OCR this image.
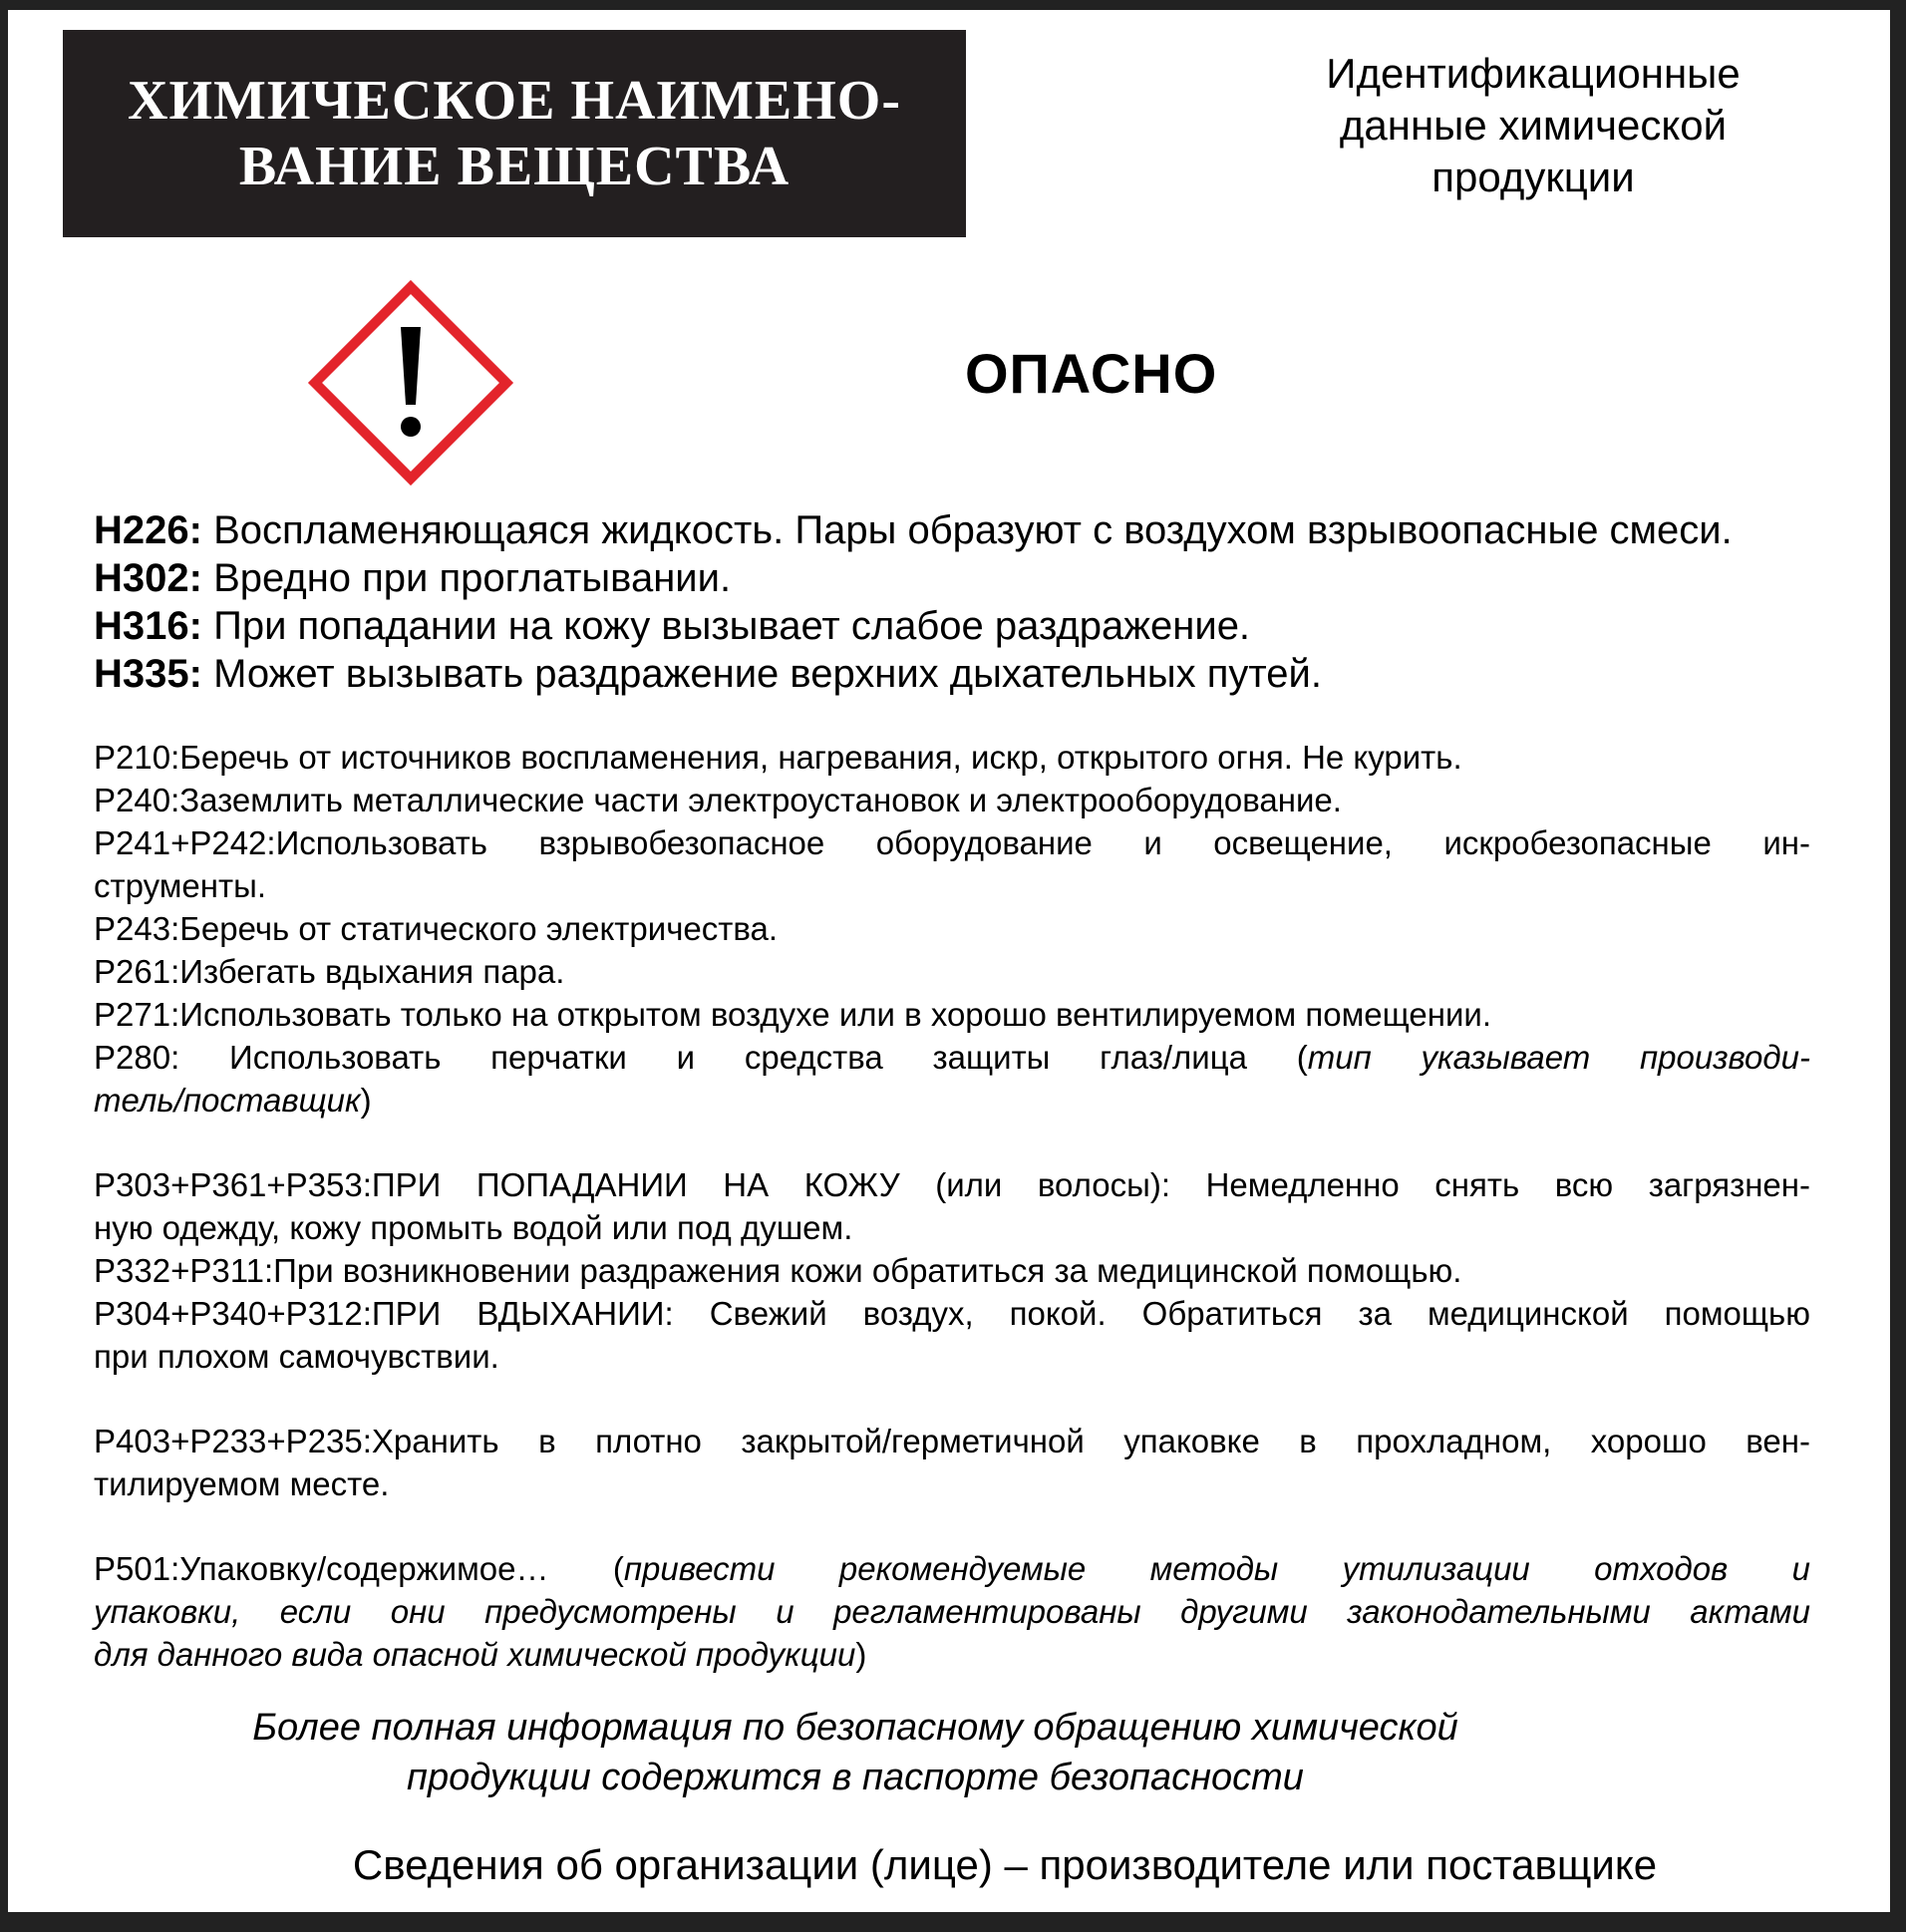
ХИМИЧЕСКОЕ НАИМЕНО-
ВАНИЕ ВЕЩЕСТВА
Идентификационные
данные химической
продукции
ОПАСНО
H226: Воспламеняющаяся жидкость. Пары образуют с воздухом взрывоопасные смеси.
H302: Вредно при проглатывании.
H316: При попадании на кожу вызывает слабое раздражение.
H335: Может вызывать раздражение верхних дыхательных путей.

P210:Беречь от источников воспламенения, нагревания, искр, открытого огня. Не курить.

P240:Заземлить металлические части электроустановок и электрооборудование.

P241+P242:Использовать взрывобезопасное оборудование и освещение, искробезопасные ин-

струменты.

P243:Беречь от статического электричества.

P261:Избегать вдыхания пара.

P271:Использовать только на открытом воздухе или в хорошо вентилируемом помещении.

P280: Использовать перчатки и средства защиты глаз/лица (тип указывает производи-

тель/поставщик)

P303+P361+P353:ПРИ ПОПАДАНИИ НА КОЖУ (или волосы): Немедленно снять всю загрязнен-

ную одежду, кожу промыть водой или под душем.

P332+P311:При возникновении раздражения кожи обратиться за медицинской помощью.

P304+P340+P312:ПРИ ВДЫХАНИИ: Свежий воздух, покой. Обратиться за медицинской помощью

при плохом самочувствии.

P403+P233+P235:Хранить в плотно закрытой/герметичной упаковке в прохладном, хорошо вен-

тилируемом месте.

P501:Упаковку/содержимое… (привести рекомендуемые методы утилизации отходов и

упаковки, если они предусмотрены и регламентированы другими законодательными актами

для данного вида опасной химической продукции)

Более полная информация по безопасному обращению химической
продукции содержится в паспорте безопасности
Сведения об организации (лице) – производителе или поставщике
